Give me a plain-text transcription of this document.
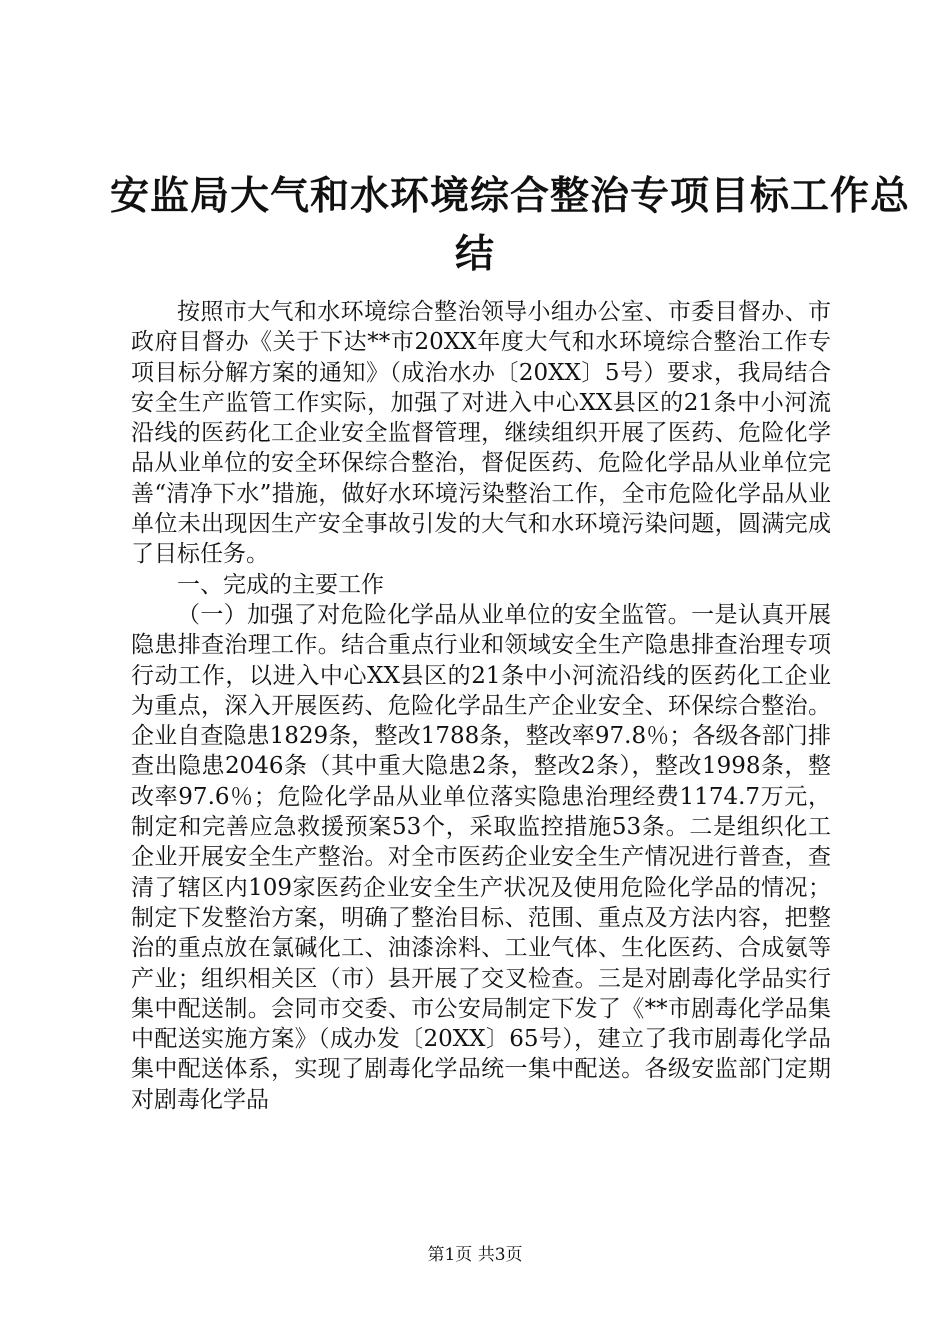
安监局大气和水环境综合整治专项目标工作总
结

按照市大气和水环境综合整治领导小组办公室、市委目督办、市政府目督办《关于下达**市20XX年度大气和水环境综合整治工作专项目标分解方案的通知》（成治水办〔20XX〕5号）要求，我局结合安全生产监管工作实际，加强了对进入中心XX县区的21条中小河流沿线的医药化工企业安全监督管理，继续组织开展了医药、危险化学品从业单位的安全环保综合整治，督促医药、危险化学品从业单位完善“清净下水”措施，做好水环境污染整治工作，全市危险化学品从业单位未出现因生产安全事故引发的大气和水环境污染问题，圆满完成了目标任务。

一、完成的主要工作

（一）加强了对危险化学品从业单位的安全监管。一是认真开展隐患排查治理工作。结合重点行业和领域安全生产隐患排查治理专项行动工作，以进入中心XX县区的21条中小河流沿线的医药化工企业为重点，深入开展医药、危险化学品生产企业安全、环保综合整治。企业自查隐患1829条，整改1788条，整改率97.8％；各级各部门排查出隐患2046条（其中重大隐患2条，整改2条），整改1998条，整改率97.6％；危险化学品从业单位落实隐患治理经费1174.7万元，制定和完善应急救援预案53个，采取监控措施53条。二是组织化工企业开展安全生产整治。对全市医药企业安全生产情况进行普查，查清了辖区内109家医药企业安全生产状况及使用危险化学品的情况；制定下发整治方案，明确了整治目标、范围、重点及方法内容，把整治的重点放在氯碱化工、油漆涂料、工业气体、生化医药、合成氨等产业；组织相关区（市）县开展了交叉检查。三是对剧毒化学品实行集中配送制。会同市交委、市公安局制定下发了《**市剧毒化学品集中配送实施方案》（成办发〔20XX〕65号），建立了我市剧毒化学品集中配送体系，实现了剧毒化学品统一集中配送。各级安监部门定期对剧毒化学品

第1页 共3页
